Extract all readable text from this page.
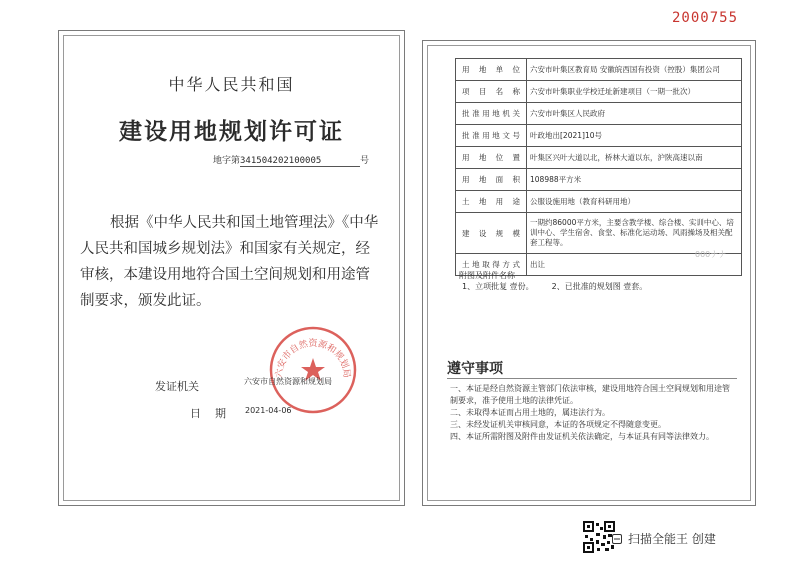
2000755
中华人民共和国
建设用地规划许可证
地字第341504202100005	号
根据《中华人民共和国土地管理法》《中华人民共和国城乡规划法》和国家有关规定，经审核，本建设用地符合国土空间规划和用途管制要求，颁发此证。
六安市自然资源和规划局
发证机关	六安市自然资源和规划局
日期 2021-04-06
用地单位	六安市叶集区教育局 安徽皖西国有投资（控股）集团公司
项目名称	六安市叶集职业学校迁址新建项目（一期一批次）
批准用地机关	六安市叶集区人民政府
批准用地文号	叶政地出[2021]10号
用地位置	叶集区兴叶大道以北，桥林大道以东，沪陕高速以南
用地面积	108988平方米
土地用途	公服设施用地（教育科研用地）
建设规模	一期约86000平方米，主要含教学楼、综合楼、实训中心、培训中心、学生宿舍、食堂、标准化运动场、风雨操场及相关配套工程等。
土地取得方式	出让
000ナナ
附图及附件名称
1、立项批复 壹份。 2、已批准的规划图 壹套。
遵守事项

一、本证是经自然资源主管部门依法审核，建设用地符合国土空间规划和用途管制要求，准予使用土地的法律凭证。

二、未取得本证而占用土地的，属违法行为。

三、未经发证机关审核同意，本证的各项规定不得随意变更。

四、本证所需附图及附件由发证机关依法确定，与本证具有同等法律效力。

扫描全能王 创建
